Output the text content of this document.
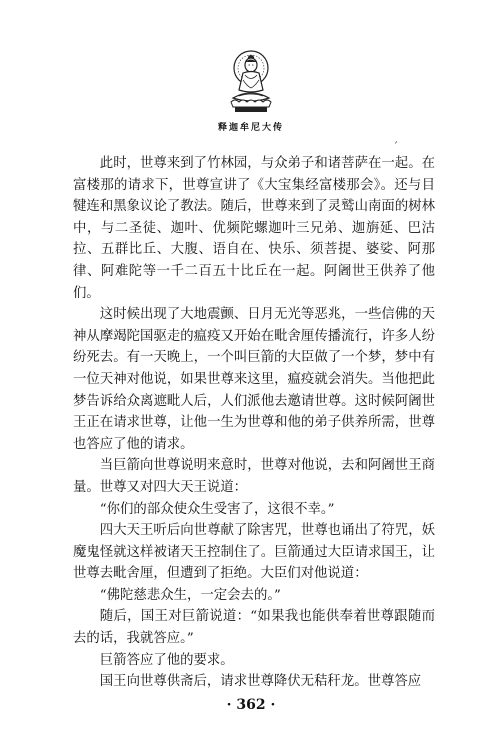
释迦牟尼大传
ˊ

此时，世尊来到了竹林园，与众弟子和诸菩萨在一起。在富楼那的请求下，世尊宣讲了《大宝集经富楼那会》。还与目犍连和黑象议论了教法。随后，世尊来到了灵鹫山南面的树林中，与二圣徒、迦叶、优频陀螺迦叶三兄弟、迦旃延、巴沽拉、五群比丘、大腹、语自在、快乐、须菩提、婆娑、阿那律、阿难陀等一千二百五十比丘在一起。阿阇世王供养了他们。

这时候出现了大地震颤、日月无光等恶兆，一些信佛的天神从摩竭陀国驱走的瘟疫又开始在毗舍厘传播流行，许多人纷纷死去。有一天晚上，一个叫巨箭的大臣做了一个梦，梦中有一位天神对他说，如果世尊来这里，瘟疫就会消失。当他把此梦告诉给众离遮毗人后，人们派他去邀请世尊。这时候阿阇世王正在请求世尊，让他一生为世尊和他的弟子供养所需，世尊也答应了他的请求。

当巨箭向世尊说明来意时，世尊对他说，去和阿阇世王商量。世尊又对四大天王说道：

“你们的部众使众生受害了，这很不幸。”

四大天王听后向世尊献了除害咒，世尊也诵出了符咒，妖魔鬼怪就这样被诸天王控制住了。巨箭通过大臣请求国王，让世尊去毗舍厘，但遭到了拒绝。大臣们对他说道：

“佛陀慈悲众生，一定会去的。”

随后，国王对巨箭说道：“如果我也能供奉着世尊跟随而去的话，我就答应。”

巨箭答应了他的要求。

国王向世尊供斋后，请求世尊降伏无秸秆龙。世尊答应

· 362 ·
